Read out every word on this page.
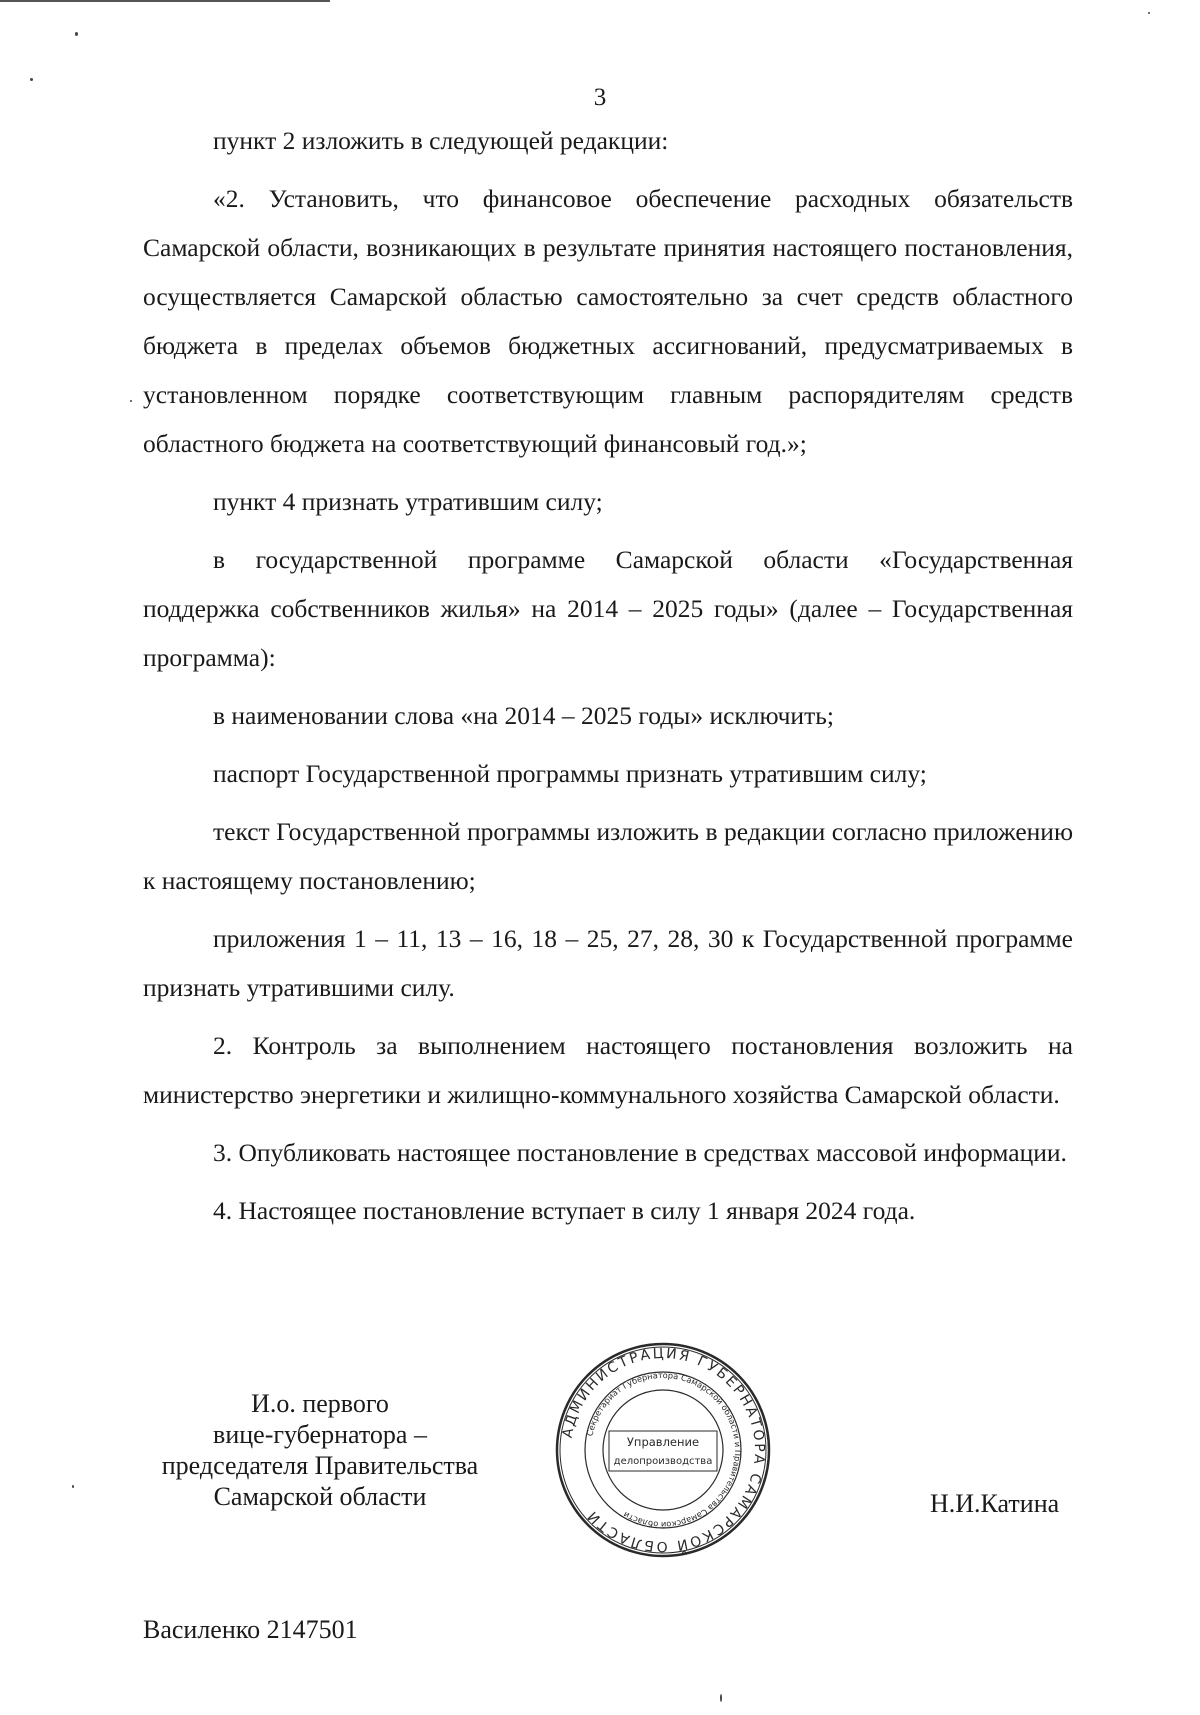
3

пункт 2 изложить в следующей редакции:

«2. Установить, что финансовое обеспечение расходных обязательств Самарской области, возникающих в результате принятия настоящего постановления, осуществляется Самарской областью самостоятельно за счет средств областного бюджета в пределах объемов бюджетных ассигнований, предусматриваемых в установленном порядке соответствующим главным распорядителям средств областного бюджета на соответствующий финансовый год.»;

пункт 4 признать утратившим силу;

в государственной программе Самарской области «Государственная поддержка собственников жилья» на 2014 – 2025 годы» (далее – Государственная программа):

в наименовании слова «на 2014 – 2025 годы» исключить;

паспорт Государственной программы признать утратившим силу;

текст Государственной программы изложить в редакции согласно приложению к настоящему постановлению;

приложения 1 – 11, 13 – 16, 18 – 25, 27, 28, 30 к Государственной программе признать утратившими силу.

2. Контроль за выполнением настоящего постановления возложить на министерство энергетики и жилищно-коммунального хозяйства Самарской области.

3. Опубликовать настоящее постановление в средствах массовой информации.

4. Настоящее постановление вступает в силу 1 января 2024 года.

И.о. первого
вице-губернатора –
председателя Правительства
Самарской области
АДМИНИСТРАЦИЯ ГУБЕРНАТОРА САМАРСКОЙ ОБЛАСТИ
Секретариат Губернатора Самарской области и Правительства Самарской области
Управление
делопроизводства
Н.И.Катина
Василенко 2147501
